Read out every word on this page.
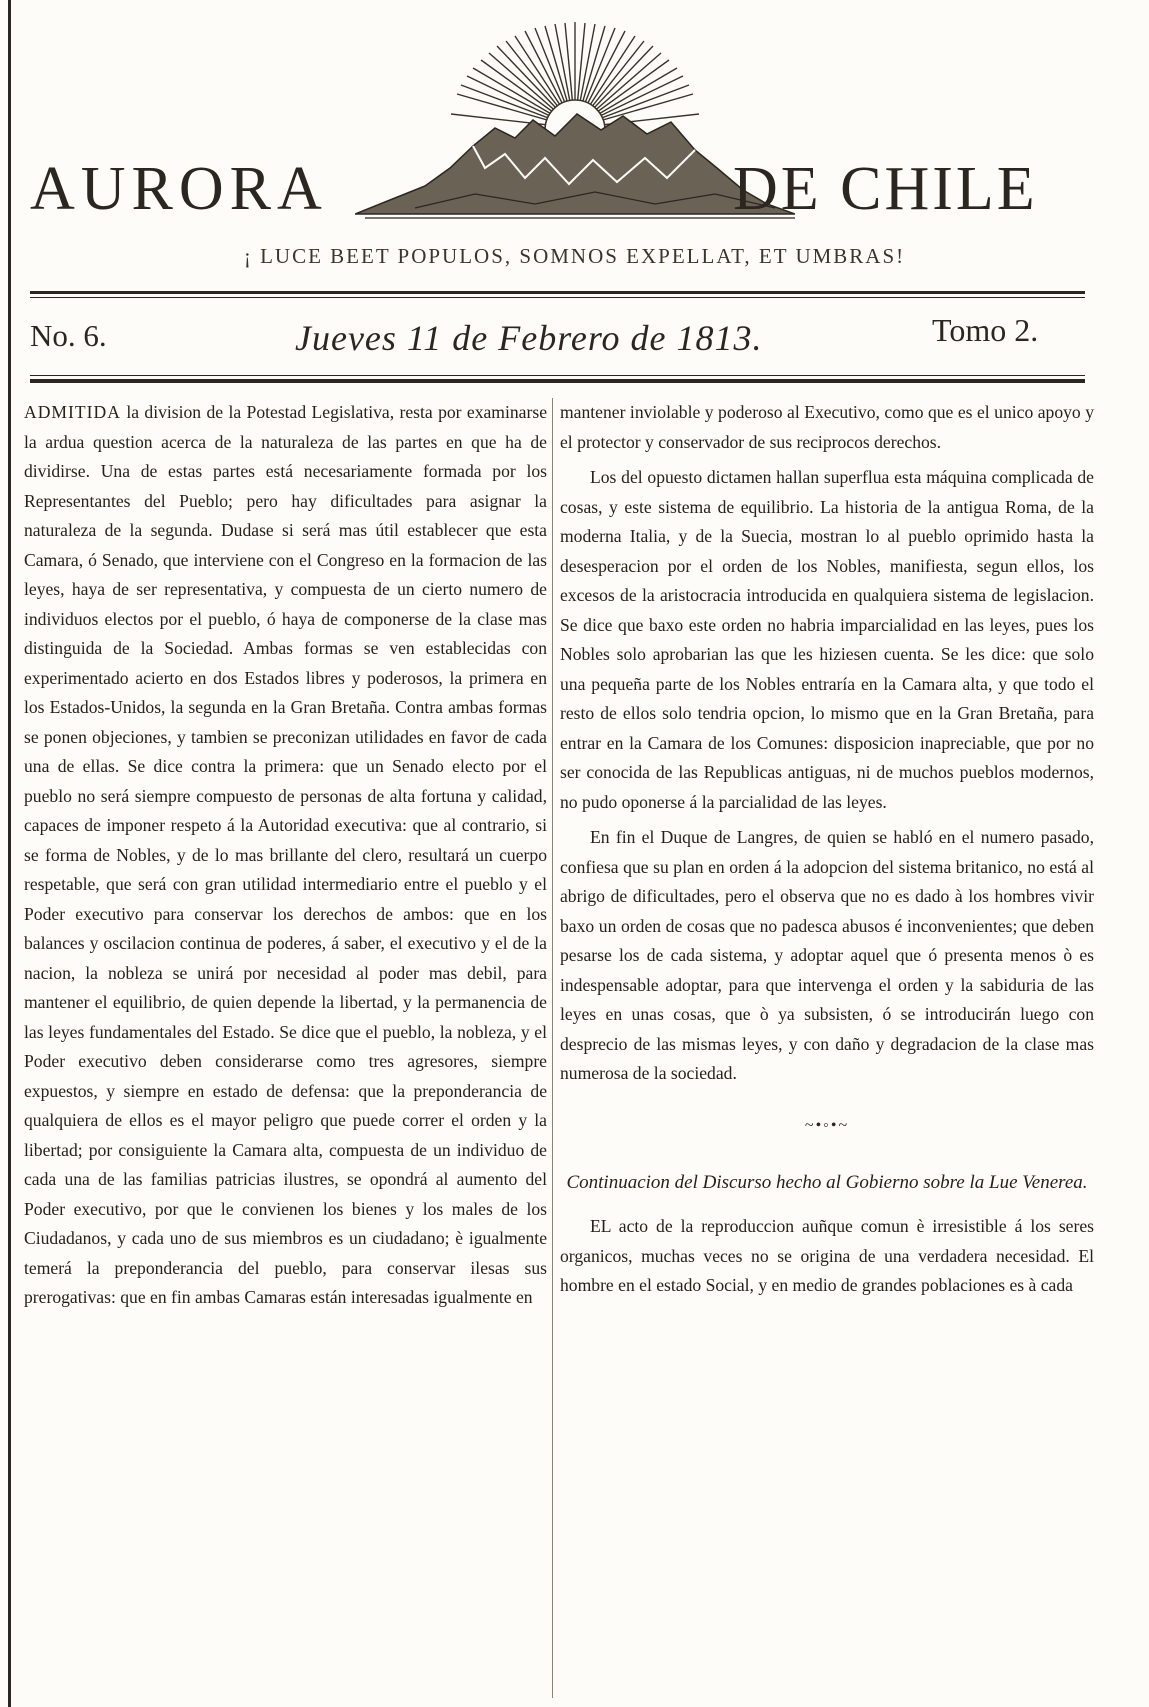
AURORA	DE CHILE
¡ LUCE BEET POPULOS, SOMNOS EXPELLAT, ET UMBRAS!
No. 6.	Jueves 11 de Febrero de 1813.	Tomo 2.

ADMITIDA la division de la Potestad Legislativa, resta por examinarse la ardua question acerca de la naturaleza de las partes en que ha de dividirse. Una de estas partes está necesariamente formada por los Representantes del Pueblo; pero hay dificultades para asignar la naturaleza de la segunda. Dudase si será mas útil establecer que esta Camara, ó Senado, que interviene con el Congreso en la formacion de las leyes, haya de ser representativa, y compuesta de un cierto numero de individuos electos por el pueblo, ó haya de componerse de la clase mas distinguida de la Sociedad. Ambas formas se ven establecidas con experimentado acierto en dos Estados libres y poderosos, la primera en los Estados-Unidos, la segunda en la Gran Bretaña. Contra ambas formas se ponen objeciones, y tambien se preconizan utilidades en favor de cada una de ellas. Se dice contra la primera: que un Senado electo por el pueblo no será siempre compuesto de personas de alta fortuna y calidad, capaces de imponer respeto á la Autoridad executiva: que al contrario, si se forma de Nobles, y de lo mas brillante del clero, resultará un cuerpo respetable, que será con gran utilidad intermediario entre el pueblo y el Poder executivo para conservar los derechos de ambos: que en los balances y oscilacion continua de poderes, á saber, el executivo y el de la nacion, la nobleza se unirá por necesidad al poder mas debil, para mantener el equilibrio, de quien depende la libertad, y la permanencia de las leyes fundamentales del Estado. Se dice que el pueblo, la nobleza, y el Poder executivo deben considerarse como tres agresores, siempre expuestos, y siempre en estado de defensa: que la preponderancia de qualquiera de ellos es el mayor peligro que puede correr el orden y la libertad; por consiguiente la Camara alta, compuesta de un individuo de cada una de las familias patricias ilustres, se opondrá al aumento del Poder executivo, por que le convienen los bienes y los males de los Ciudadanos, y cada uno de sus miembros es un ciudadano; è igualmente temerá la preponderancia del pueblo, para conservar ilesas sus prerogativas: que en fin ambas Camaras están interesadas igualmente en

mantener inviolable y poderoso al Executivo, como que es el unico apoyo y el protector y conservador de sus reciprocos derechos.

Los del opuesto dictamen hallan superflua esta máquina complicada de cosas, y este sistema de equilibrio. La historia de la antigua Roma, de la moderna Italia, y de la Suecia, mostran lo al pueblo oprimido hasta la desesperacion por el orden de los Nobles, manifiesta, segun ellos, los excesos de la aristocracia introducida en qualquiera sistema de legislacion. Se dice que baxo este orden no habria imparcialidad en las leyes, pues los Nobles solo aprobarian las que les hiziesen cuenta. Se les dice: que solo una pequeña parte de los Nobles entraría en la Camara alta, y que todo el resto de ellos solo tendria opcion, lo mismo que en la Gran Bretaña, para entrar en la Camara de los Comunes: disposicion inapreciable, que por no ser conocida de las Republicas antiguas, ni de muchos pueblos modernos, no pudo oponerse á la parcialidad de las leyes.

En fin el Duque de Langres, de quien se habló en el numero pasado, confiesa que su plan en orden á la adopcion del sistema britanico, no está al abrigo de dificultades, pero el observa que no es dado à los hombres vivir baxo un orden de cosas que no padesca abusos é inconvenientes; que deben pesarse los de cada sistema, y adoptar aquel que ó presenta menos ò es indespensable adoptar, para que intervenga el orden y la sabiduria de las leyes en unas cosas, que ò ya subsisten, ó se introducirán luego con desprecio de las mismas leyes, y con daño y degradacion de la clase mas numerosa de la sociedad.

~•◦•~
Continuacion del Discurso hecho al Gobierno sobre la Lue Venerea.

EL acto de la reproduccion auñque comun è irresistible á los seres organicos, muchas veces no se origina de una verdadera necesidad. El hombre en el estado Social, y en medio de grandes poblaciones es à cada
